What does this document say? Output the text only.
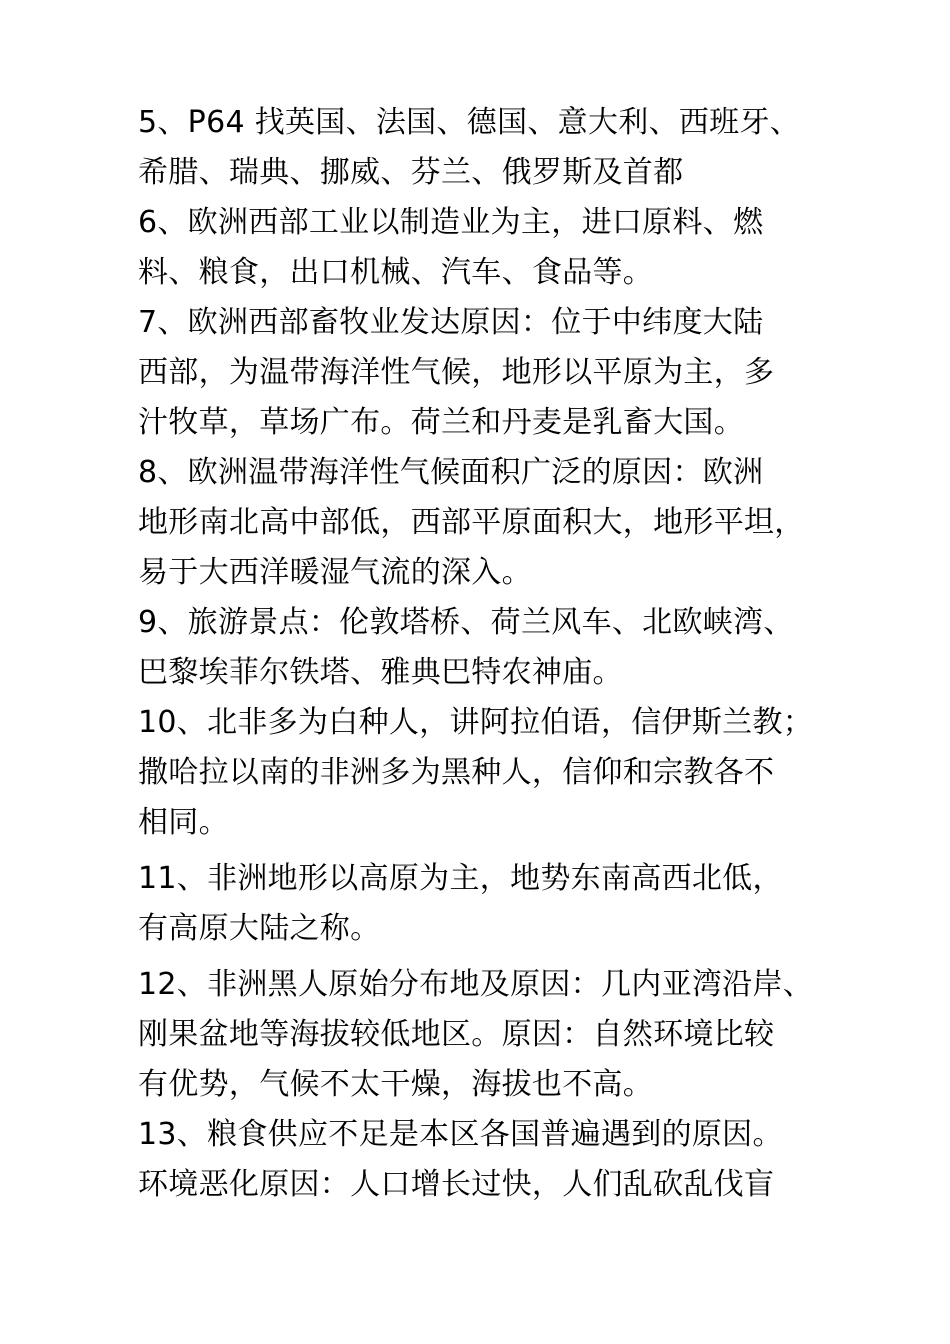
5、P64 找英国、法国、德国、意大利、西班牙、
希腊、瑞典、挪威、芬兰、俄罗斯及首都

6、欧洲西部工业以制造业为主，进口原料、燃
料、粮食，出口机械、汽车、食品等。

7、欧洲西部畜牧业发达原因：位于中纬度大陆
西部，为温带海洋性气候，地形以平原为主，多
汁牧草，草场广布。荷兰和丹麦是乳畜大国。

8、欧洲温带海洋性气候面积广泛的原因：欧洲
地形南北高中部低，西部平原面积大，地形平坦，
易于大西洋暖湿气流的深入。

9、旅游景点：伦敦塔桥、荷兰风车、北欧峡湾、
巴黎埃菲尔铁塔、雅典巴特农神庙。

10、北非多为白种人，讲阿拉伯语，信伊斯兰教；
撒哈拉以南的非洲多为黑种人，信仰和宗教各不
相同。

11、非洲地形以高原为主，地势东南高西北低，
有高原大陆之称。

12、非洲黑人原始分布地及原因：几内亚湾沿岸、
刚果盆地等海拔较低地区。原因：自然环境比较
有优势，气候不太干燥，海拔也不高。

13、粮食供应不足是本区各国普遍遇到的原因。
环境恶化原因：人口增长过快，人们乱砍乱伐盲
